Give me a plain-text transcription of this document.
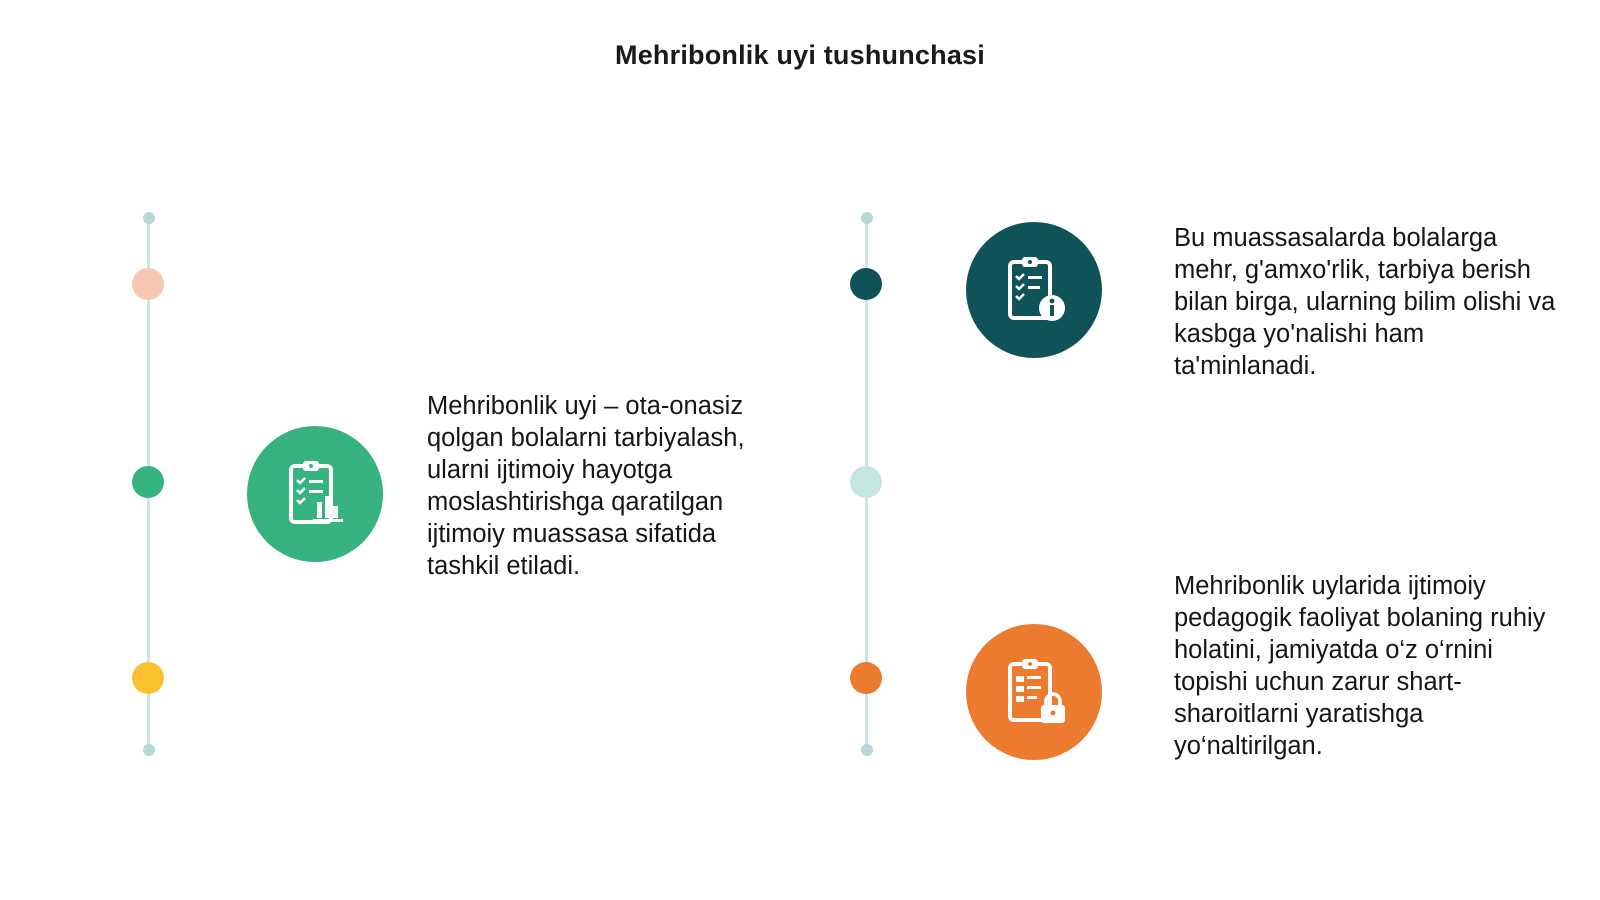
Mehribonlik uyi tushunchasi
Mehribonlik uyi – ota-onasiz qolgan bolalarni tarbiyalash, ularni ijtimoiy hayotga moslashtirishga qaratilgan ijtimoiy muassasa sifatida tashkil etiladi.
Bu muassasalarda bolalarga mehr, g'amxo'rlik, tarbiya berish bilan birga, ularning bilim olishi va kasbga yo'nalishi ham ta'minlanadi.
Mehribonlik uylarida ijtimoiy pedagogik faoliyat bolaning ruhiy holatini, jamiyatda o‘z o‘rnini topishi uchun zarur shart-sharoitlarni yaratishga yo‘naltirilgan.
